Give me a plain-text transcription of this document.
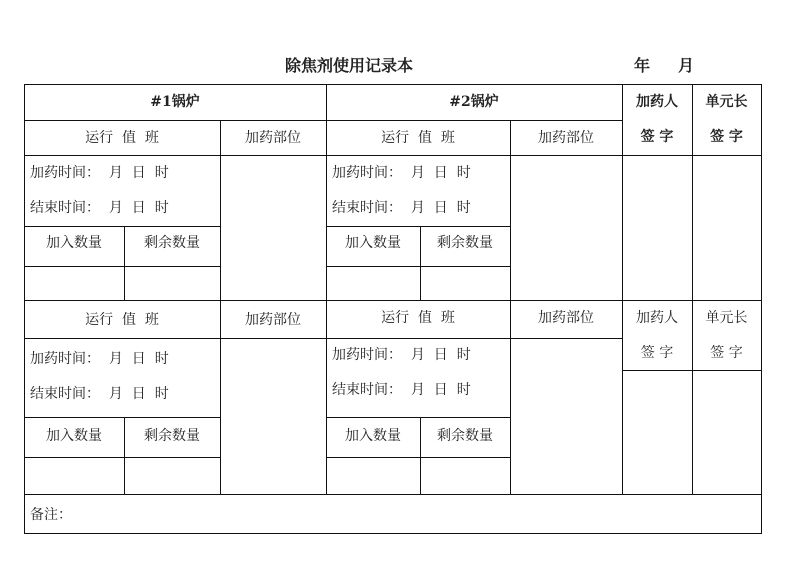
除焦剂使用记录本	年 月
#1锅炉	#2锅炉	加药人	单元长
签 字	签 字
运行  值  班	加药部位	运行  值  班	加药部位
加药时间：  月  日  时
结束时间：  月  日  时
加药时间：  月  日  时
结束时间：  月  日  时
加入数量	剩余数量	加入数量	剩余数量
运行  值  班	加药部位	运行  值  班	加药部位	加药人	单元长
签 字	签 字
加药时间：  月  日  时
结束时间：  月  日  时
加药时间：  月  日  时
结束时间：  月  日  时
加入数量	剩余数量	加入数量	剩余数量
备注：
